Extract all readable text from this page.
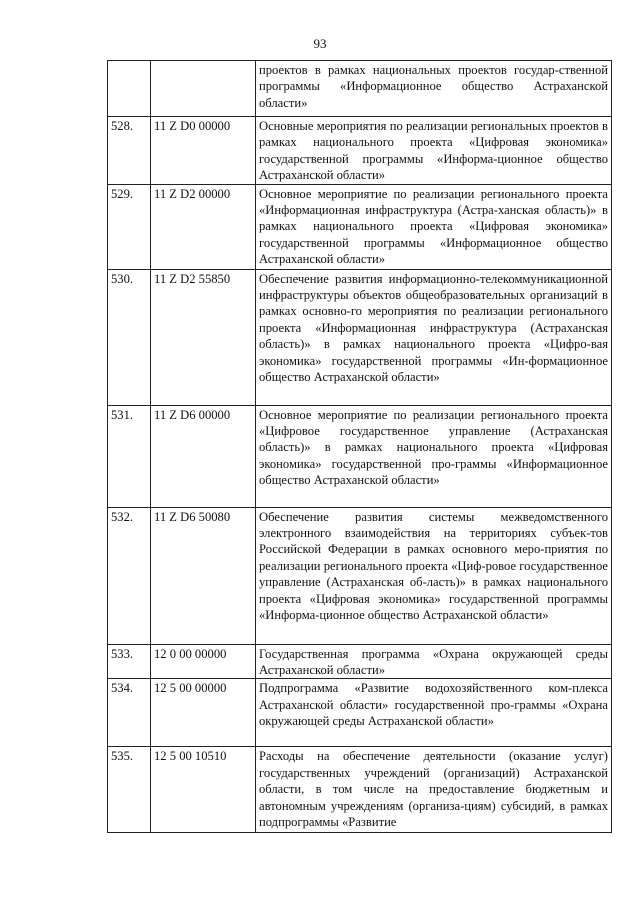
93
		проектов в рамках национальных проектов государ-ственной программы «Информационное общество Астраханской области»
528.	11 Z D0 00000	Основные мероприятия по реализации региональных проектов в рамках национального проекта «Цифровая экономика» государственной программы «Информа-ционное общество Астраханской области»
529.	11 Z D2 00000	Основное мероприятие по реализации регионального проекта «Информационная инфраструктура (Астра-ханская область)» в рамках национального проекта «Цифровая экономика» государственной программы «Информационное общество Астраханской области»
530.	11 Z D2 55850	Обеспечение развития информационно-телекоммуникационной инфраструктуры объектов общеобразовательных организаций в рамках основно-го мероприятия по реализации регионального проекта «Информационная инфраструктура (Астраханская область)» в рамках национального проекта «Цифро-вая экономика» государственной программы «Ин-формационное общество Астраханской области»
531.	11 Z D6 00000	Основное мероприятие по реализации регионального проекта «Цифровое государственное управление (Астраханская область)» в рамках национального проекта «Цифровая экономика» государственной про-граммы «Информационное общество Астраханской области»
532.	11 Z D6 50080	Обеспечение развития системы межведомственного электронного взаимодействия на территориях субъек-тов Российской Федерации в рамках основного меро-приятия по реализации регионального проекта «Циф-ровое государственное управление (Астраханская об-ласть)» в рамках национального проекта «Цифровая экономика» государственной программы «Информа-ционное общество Астраханской области»
533.	12 0 00 00000	Государственная программа «Охрана окружающей среды Астраханской области»
534.	12 5 00 00000	Подпрограмма «Развитие водохозяйственного ком-плекса Астраханской области» государственной про-граммы «Охрана окружающей среды Астраханской области»
535.	12 5 00 10510	Расходы на обеспечение деятельности (оказание услуг) государственных учреждений (организаций) Астраханской области, в том числе на предоставление бюджетным и автономным учреждениям (организа-циям) субсидий, в рамках подпрограммы «Развитие
